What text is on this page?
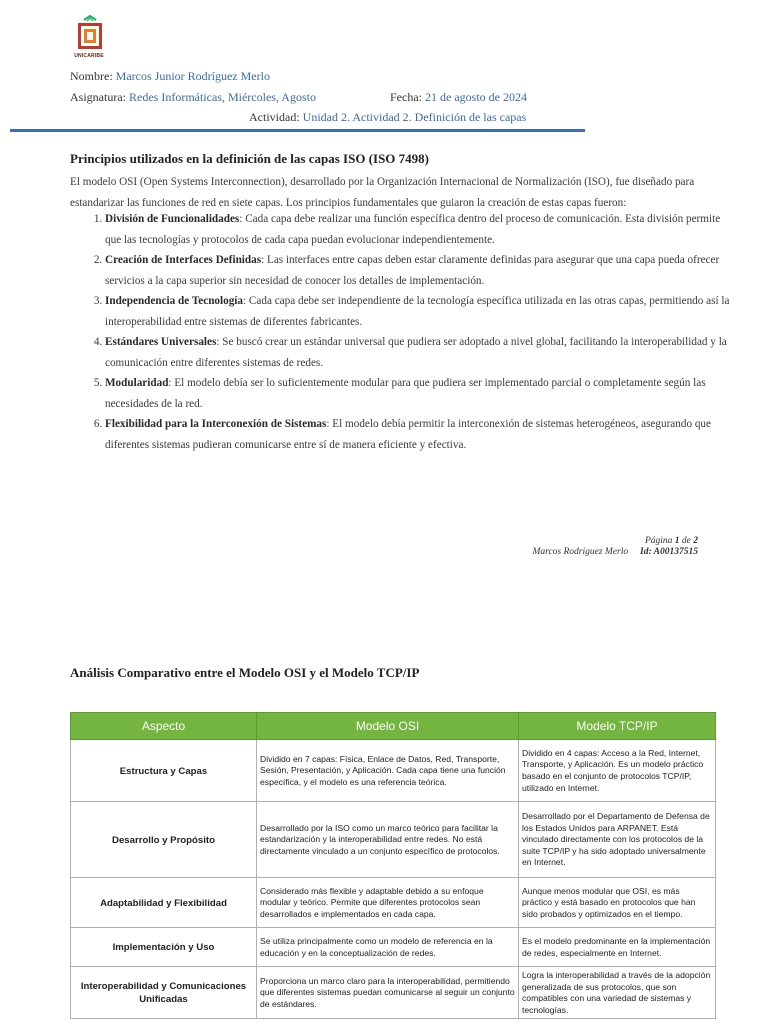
UNICARIBE
Nombre: Marcos Junior Rodríguez Merlo
Asignatura: Redes Informáticas, Miércoles, Agosto	Fecha: 21 de agosto de 2024
Actividad: Unidad 2. Actividad 2. Definición de las capas
Principios utilizados en la definición de las capas ISO (ISO 7498)
El modelo OSI (Open Systems Interconnection), desarrollado por la Organización Internacional de Normalización (ISO), fue diseñado para estandarizar las funciones de red en siete capas. Los principios fundamentales que guiaron la creación de estas capas fueron:
1. División de Funcionalidades: Cada capa debe realizar una función específica dentro del proceso de comunicación. Esta división permite que las tecnologías y protocolos de cada capa puedan evolucionar independientemente.
2. Creación de Interfaces Definidas: Las interfaces entre capas deben estar claramente definidas para asegurar que una capa pueda ofrecer servicios a la capa superior sin necesidad de conocer los detalles de implementación.
3. Independencia de Tecnología: Cada capa debe ser independiente de la tecnología específica utilizada en las otras capas, permitiendo así la interoperabilidad entre sistemas de diferentes fabricantes.
4. Estándares Universales: Se buscó crear un estándar universal que pudiera ser adoptado a nivel global, facilitando la interoperabilidad y la comunicación entre diferentes sistemas de redes.
5. Modularidad: El modelo debía ser lo suficientemente modular para que pudiera ser implementado parcial o completamente según las necesidades de la red.
6. Flexibilidad para la Interconexión de Sistemas: El modelo debía permitir la interconexión de sistemas heterogéneos, asegurando que diferentes sistemas pudieran comunicarse entre sí de manera eficiente y efectiva.
Página 1 de 2
Marcos Rodríguez Merlo Id: A00137515
Análisis Comparativo entre el Modelo OSI y el Modelo TCP/IP
Aspecto	Modelo OSI	Modelo TCP/IP
Estructura y Capas	Dividido en 7 capas: Física, Enlace de Datos, Red, Transporte, Sesión, Presentación, y Aplicación. Cada capa tiene una función específica, y el modelo es una referencia teórica.	Dividido en 4 capas: Acceso a la Red, Internet, Transporte, y Aplicación. Es un modelo práctico basado en el conjunto de protocolos TCP/IP, utilizado en Internet.
Desarrollo y Propósito	Desarrollado por la ISO como un marco teórico para facilitar la estandarización y la interoperabilidad entre redes. No está directamente vinculado a un conjunto específico de protocolos.	Desarrollado por el Departamento de Defensa de los Estados Unidos para ARPANET. Está vinculado directamente con los protocolos de la suite TCP/IP y ha sido adoptado universalmente en Internet.
Adaptabilidad y Flexibilidad	Considerado más flexible y adaptable debido a su enfoque modular y teórico. Permite que diferentes protocolos sean desarrollados e implementados en cada capa.	Aunque menos modular que OSI, es más práctico y está basado en protocolos que han sido probados y optimizados en el tiempo.
Implementación y Uso	Se utiliza principalmente como un modelo de referencia en la educación y en la conceptualización de redes.	Es el modelo predominante en la implementación de redes, especialmente en Internet.
Interoperabilidad y Comunicaciones Unificadas	Proporciona un marco claro para la interoperabilidad, permitiendo que diferentes sistemas puedan comunicarse al seguir un conjunto de estándares.	Logra la interoperabilidad a través de la adopción generalizada de sus protocolos, que son compatibles con una variedad de sistemas y tecnologías.
